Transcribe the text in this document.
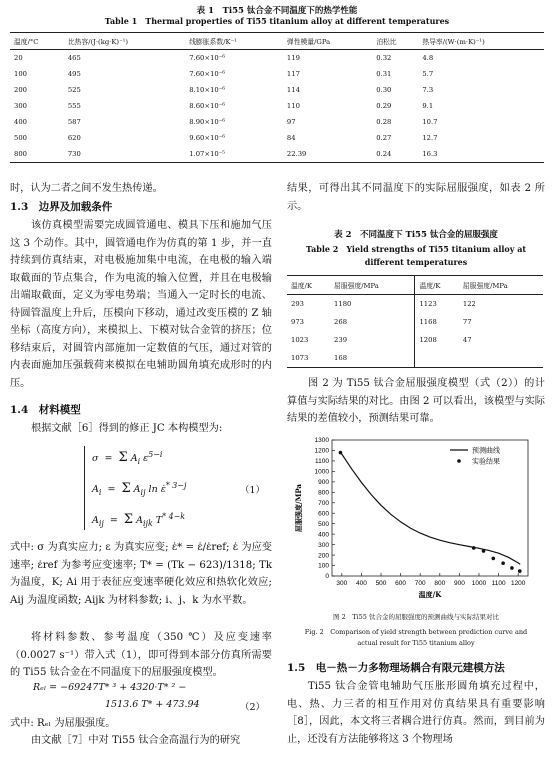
表 1　Ti55 钛合金不同温度下的热学性能
Table 1　Thermal properties of Ti55 titanium alloy at different temperatures
温度/°C	比热容/(J·(kg·K)⁻¹)	线膨胀系数/K⁻¹	弹性模量/GPa	泊松比	热导率/(W·(m·K)⁻¹)
20	465	7.60×10⁻⁶	119	0.32	4.8
100	495	7.60×10⁻⁶	117	0.31	5.7
200	525	8.10×10⁻⁶	114	0.30	7.3
300	555	8.60×10⁻⁶	110	0.29	9.1
400	587	8.90×10⁻⁶	97	0.28	10.7
500	620	9.60×10⁻⁶	84	0.27	12.7
800	730	1.07×10⁻⁵	22.39	0.24	16.3
时，认为二者之间不发生热传递。
1.3　边界及加载条件
该仿真模型需要完成圆管通电、模具下压和施加气压这 3 个动作。其中，圆管通电作为仿真的第 1 步，并一直持续到仿真结束，对电极施加集中电流，在电极的输入端取截面的节点集合，作为电流的输入位置，并且在电极输出端取截面，定义为零电势端；当通入一定时长的电流、待圆管温度上升后，压模向下移动，通过改变压模的 Z 轴坐标（高度方向），来模拟上、下模对钛合金管的挤压；位移结束后，对圆管内部施加一定数值的气压，通过对管的内表面施加压强载荷来模拟在电辅助圆角填充成形时的内压。
1.4　材料模型
根据文献［6］得到的修正 JC 本构模型为:
σ  =  Σ $A_i$ $\varepsilon^{5-i}$
$A_i = \Sigma$ $A_{ij}$ ln ε̇$^{* 3-j}$
$A_{ij} = \Sigma$ $A_{ijk}$ $T^{* 4-k}$
（1）
式中: σ 为真实应力; ε 为真实应变; ε̇* = ε̇/ε̇ref; ε̇ 为应变速率; ε̇ref 为参考应变速率; T* = (Tk − 623)/1318; Tk 为温度，K; Ai 用于表征应变速率硬化效应和热软化效应; Aij 为温度函数; Aijk 为材料参数; i、j、k 为水平数。
将材料参数、参考温度（350 ℃）及应变速率（0.0027 s⁻¹）带入式（1），即可得到本部分仿真所需要的 Ti55 钛合金在不同温度下的屈服强度模型。
Rₑₗ = −69247T* ³ + 4320·T* ² −
1513.6 T* + 473.94	（2）
式中: Rₑₗ 为屈服强度。
由文献［7］中对 Ti55 钛合金高温行为的研究
结果，可得出其不同温度下的实际屈服强度，如表 2 所示。
表 2　不同温度下 Ti55 钛合金的屈服强度
Table 2　Yield strengths of Ti55 titanium alloy at different temperatures
温度/K	屈服强度/MPa	温度/K	屈服强度/MPa
293	1180	1123	122
973	268	1168	77
1023	239	1208	47
1073	168		
图 2 为 Ti55 钛合金屈服强度模型（式（2））的计算值与实际结果的对比。由图 2 可以看出，该模型与实际结果的差值较小，预测结果可靠。
300 400 500 600 700 800 900 1000 1100 1200
0
100
200
300
400
500
600
700
800
900
1000
1100
1200
1300
温度/K
屈服强度/MPa
预测曲线
实验结果
图 2　Ti55 钛合金的屈服强度的预测曲线与实际结果对比
Fig. 2　Comparison of yield strength between prediction curve and actual result for Ti55 titanium alloy
1.5　电－热－力多物理场耦合有限元建模方法
Ti55 钛合金管电辅助气压胀形圆角填充过程中，电、热、力三者的相互作用对仿真结果具有重要影响［8］，因此，本文将三者耦合进行仿真。然而，到目前为止，还没有方法能够将这 3 个物理场
